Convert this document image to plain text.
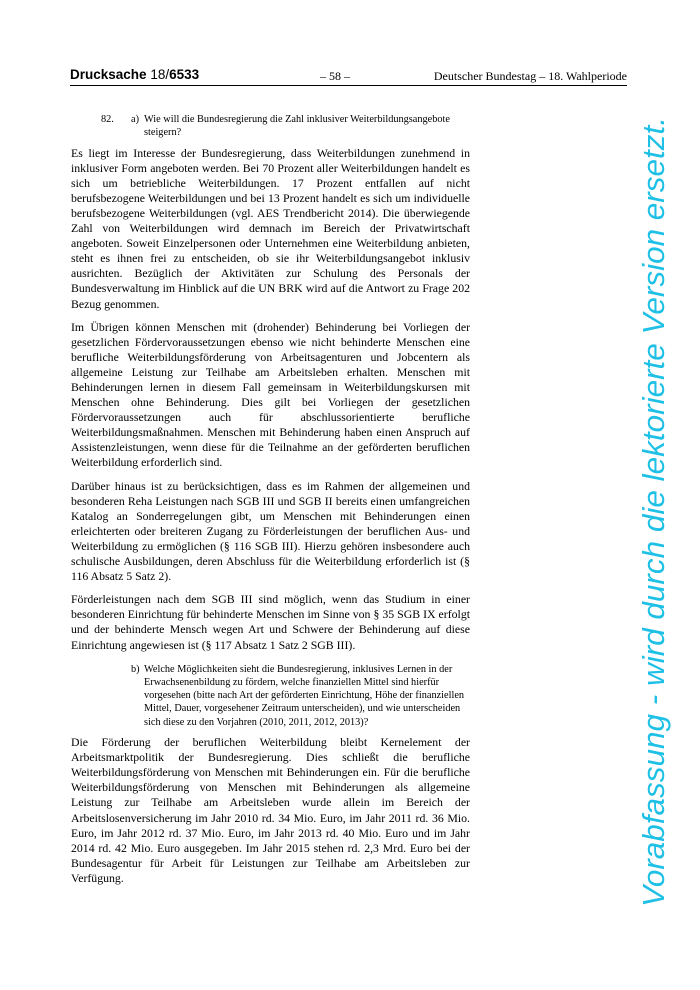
Drucksache 18/6533	– 58 –	Deutscher Bundestag – 18. Wahlperiode
82. a) Wie will die Bundesregierung die Zahl inklusiver Weiterbildungsangebote steigern?

Es liegt im Interesse der Bundesregierung, dass Weiterbildungen zunehmend in inklusiver Form angeboten werden. Bei 70 Prozent aller Weiterbildungen handelt es sich um betriebliche Weiterbildungen. 17 Prozent entfallen auf nicht berufsbezogene Weiterbildungen und bei 13 Prozent handelt es sich um individuelle berufsbezogene Weiterbildungen (vgl. AES Trendbericht 2014). Die überwiegende Zahl von Weiterbildungen wird demnach im Bereich der Privatwirtschaft angeboten. Soweit Einzelpersonen oder Unternehmen eine Weiterbildung anbieten, steht es ihnen frei zu entscheiden, ob sie ihr Weiterbildungsangebot inklusiv ausrichten. Bezüglich der Aktivitäten zur Schulung des Personals der Bundesverwaltung im Hinblick auf die UN BRK wird auf die Antwort zu Frage 202 Bezug genommen.

Im Übrigen können Menschen mit (drohender) Behinderung bei Vorliegen der gesetzlichen Fördervoraussetzungen ebenso wie nicht behinderte Menschen eine berufliche Weiterbildungsförderung von Arbeitsagenturen und Jobcentern als allgemeine Leistung zur Teilhabe am Arbeitsleben erhalten. Menschen mit Behinderungen lernen in diesem Fall gemeinsam in Weiterbildungskursen mit Menschen ohne Behinderung. Dies gilt bei Vorliegen der gesetzlichen Fördervoraussetzungen auch für abschlussorientierte berufliche Weiterbildungsmaßnahmen. Menschen mit Behinderung haben einen Anspruch auf Assistenzleistungen, wenn diese für die Teilnahme an der geförderten beruflichen Weiterbildung erforderlich sind.

Darüber hinaus ist zu berücksichtigen, dass es im Rahmen der allgemeinen und besonderen Reha Leistungen nach SGB III und SGB II bereits einen umfangreichen Katalog an Sonderregelungen gibt, um Menschen mit Behinderungen einen erleichterten oder breiteren Zugang zu Förderleistungen der beruflichen Aus- und Weiterbildung zu ermöglichen (§ 116 SGB III). Hierzu gehören insbesondere auch schulische Ausbildungen, deren Abschluss für die Weiterbildung erforderlich ist (§ 116 Absatz 5 Satz 2).

Förderleistungen nach dem SGB III sind möglich, wenn das Studium in einer besonderen Einrichtung für behinderte Menschen im Sinne von § 35 SGB IX erfolgt und der behinderte Mensch wegen Art und Schwere der Behinderung auf diese Einrichtung angewiesen ist (§ 117 Absatz 1 Satz 2 SGB III).

b) Welche Möglichkeiten sieht die Bundesregierung, inklusives Lernen in der Erwachsenenbildung zu fördern, welche finanziellen Mittel sind hierfür vorgesehen (bitte nach Art der geförderten Einrichtung, Höhe der finanziellen Mittel, Dauer, vorgesehener Zeitraum unterscheiden), und wie unterscheiden sich diese zu den Vorjahren (2010, 2011, 2012, 2013)?

Die Förderung der beruflichen Weiterbildung bleibt Kernelement der Arbeitsmarktpolitik der Bundesregierung. Dies schließt die berufliche Weiterbildungsförderung von Menschen mit Behinderungen ein. Für die berufliche Weiterbildungsförderung von Menschen mit Behinderungen als allgemeine Leistung zur Teilhabe am Arbeitsleben wurde allein im Bereich der Arbeitslosenversicherung im Jahr 2010 rd. 34 Mio. Euro, im Jahr 2011 rd. 36 Mio. Euro, im Jahr 2012 rd. 37 Mio. Euro, im Jahr 2013 rd. 40 Mio. Euro und im Jahr 2014 rd. 42 Mio. Euro ausgegeben. Im Jahr 2015 stehen rd. 2,3 Mrd. Euro bei der Bundesagentur für Arbeit für Leistungen zur Teilhabe am Arbeitsleben zur Verfügung.	Vorabfassung - wird durch die lektorierte Version ersetzt.
